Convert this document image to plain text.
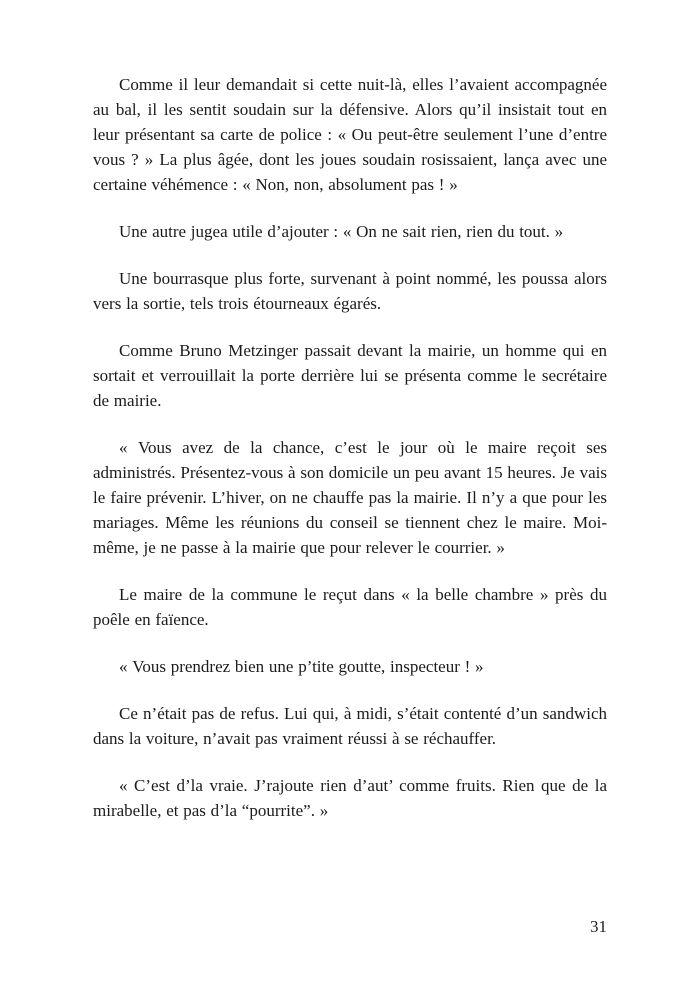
Comme il leur demandait si cette nuit-là, elles l’avaient accompagnée au bal, il les sentit soudain sur la défensive. Alors qu’il insistait tout en leur présentant sa carte de police : « Ou peut-être seulement l’une d’entre vous ? » La plus âgée, dont les joues soudain rosissaient, lança avec une certaine véhémence : « Non, non, absolument pas ! »

Une autre jugea utile d’ajouter : « On ne sait rien, rien du tout. »

Une bourrasque plus forte, survenant à point nommé, les poussa alors vers la sortie, tels trois étourneaux égarés.

Comme Bruno Metzinger passait devant la mairie, un homme qui en sortait et verrouillait la porte derrière lui se présenta comme le secrétaire de mairie.

« Vous avez de la chance, c’est le jour où le maire reçoit ses administrés. Présentez-vous à son domicile un peu avant 15 heures. Je vais le faire prévenir. L’hiver, on ne chauffe pas la mairie. Il n’y a que pour les mariages. Même les réunions du conseil se tiennent chez le maire. Moi-même, je ne passe à la mairie que pour relever le courrier. »

Le maire de la commune le reçut dans « la belle chambre » près du poêle en faïence.

« Vous prendrez bien une p’tite goutte, inspecteur ! »

Ce n’était pas de refus. Lui qui, à midi, s’était contenté d’un sandwich dans la voiture, n’avait pas vraiment réussi à se réchauffer.

« C’est d’la vraie. J’rajoute rien d’aut’ comme fruits. Rien que de la mirabelle, et pas d’la “pourrite”. »

31
